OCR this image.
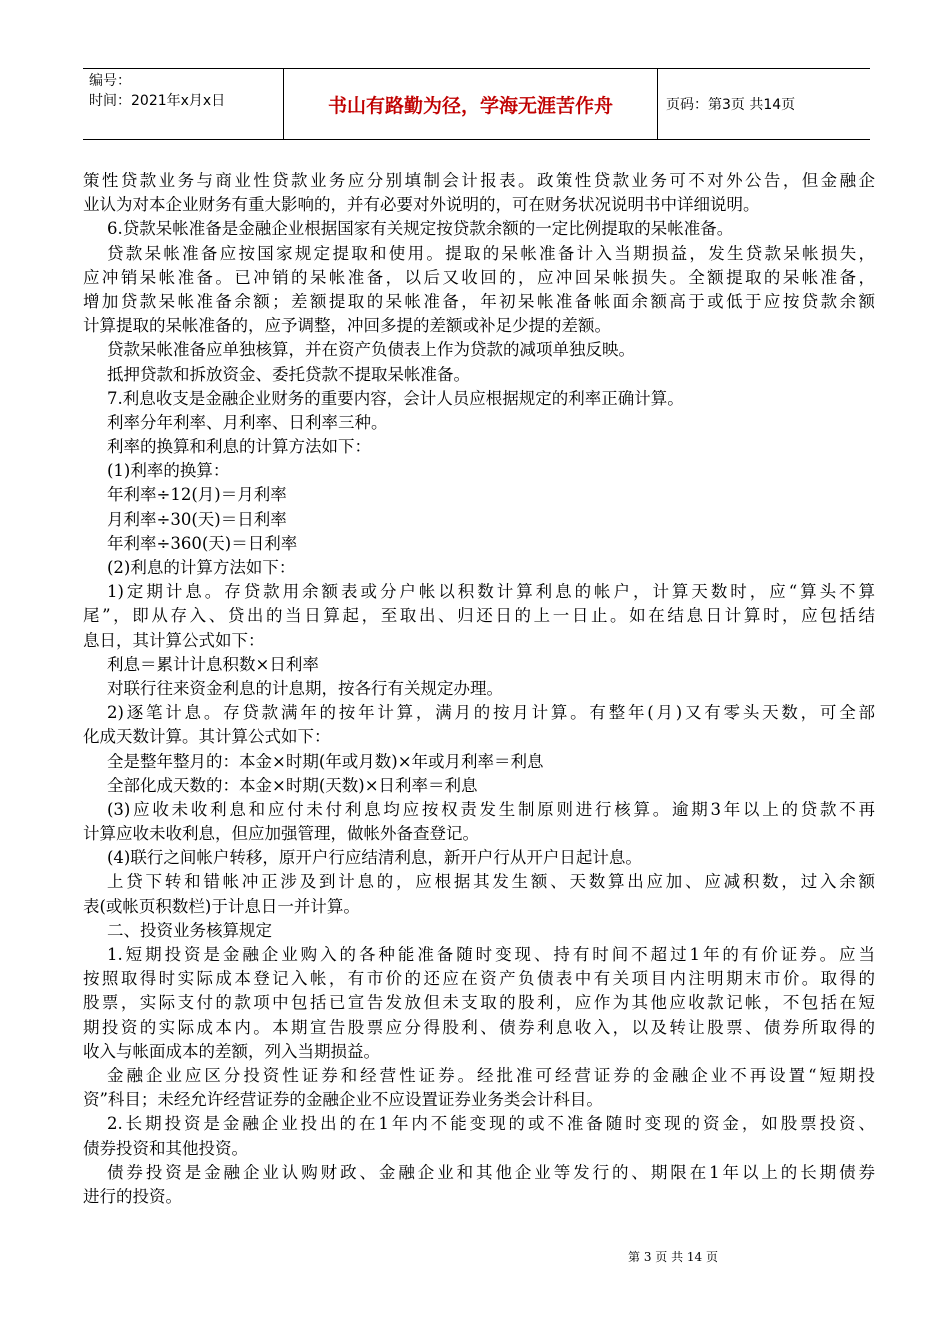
编号：
时间：2021年x月x日	书山有路勤为径，学海无涯苦作舟	页码：第3页 共14页
策性贷款业务与商业性贷款业务应分别填制会计报表。政策性贷款业务可不对外公告，但金融企
业认为对本企业财务有重大影响的，并有必要对外说明的，可在财务状况说明书中详细说明。
6.贷款呆帐准备是金融企业根据国家有关规定按贷款余额的一定比例提取的呆帐准备。
贷款呆帐准备应按国家规定提取和使用。提取的呆帐准备计入当期损益，发生贷款呆帐损失，
应冲销呆帐准备。已冲销的呆帐准备，以后又收回的，应冲回呆帐损失。全额提取的呆帐准备，
增加贷款呆帐准备余额；差额提取的呆帐准备，年初呆帐准备帐面余额高于或低于应按贷款余额
计算提取的呆帐准备的，应予调整，冲回多提的差额或补足少提的差额。
贷款呆帐准备应单独核算，并在资产负债表上作为贷款的减项单独反映。
抵押贷款和拆放资金、委托贷款不提取呆帐准备。
7.利息收支是金融企业财务的重要内容，会计人员应根据规定的利率正确计算。
利率分年利率、月利率、日利率三种。
利率的换算和利息的计算方法如下：
(1)利率的换算：
年利率÷12(月)＝月利率
月利率÷30(天)＝日利率
年利率÷360(天)＝日利率
(2)利息的计算方法如下：
1)定期计息。存贷款用余额表或分户帐以积数计算利息的帐户，计算天数时，应“算头不算
尾”，即从存入、贷出的当日算起，至取出、归还日的上一日止。如在结息日计算时，应包括结
息日，其计算公式如下：
利息＝累计计息积数×日利率
对联行往来资金利息的计息期，按各行有关规定办理。
2)逐笔计息。存贷款满年的按年计算，满月的按月计算。有整年(月)又有零头天数，可全部
化成天数计算。其计算公式如下：
全是整年整月的：本金×时期(年或月数)×年或月利率＝利息
全部化成天数的：本金×时期(天数)×日利率＝利息
(3)应收未收利息和应付未付利息均应按权责发生制原则进行核算。逾期3年以上的贷款不再
计算应收未收利息，但应加强管理，做帐外备查登记。
(4)联行之间帐户转移，原开户行应结清利息，新开户行从开户日起计息。
上贷下转和错帐冲正涉及到计息的，应根据其发生额、天数算出应加、应减积数，过入余额
表(或帐页积数栏)于计息日一并计算。
二、投资业务核算规定
1.短期投资是金融企业购入的各种能准备随时变现、持有时间不超过1年的有价证券。应当
按照取得时实际成本登记入帐，有市价的还应在资产负债表中有关项目内注明期末市价。取得的
股票，实际支付的款项中包括已宣告发放但未支取的股利，应作为其他应收款记帐，不包括在短
期投资的实际成本内。本期宣告股票应分得股利、债券利息收入，以及转让股票、债券所取得的
收入与帐面成本的差额，列入当期损益。
金融企业应区分投资性证券和经营性证券。经批准可经营证券的金融企业不再设置“短期投
资”科目；未经允许经营证券的金融企业不应设置证券业务类会计科目。
2.长期投资是金融企业投出的在1年内不能变现的或不准备随时变现的资金，如股票投资、
债券投资和其他投资。
债券投资是金融企业认购财政、金融企业和其他企业等发行的、期限在1年以上的长期债券
进行的投资。
第 3 页 共 14 页
